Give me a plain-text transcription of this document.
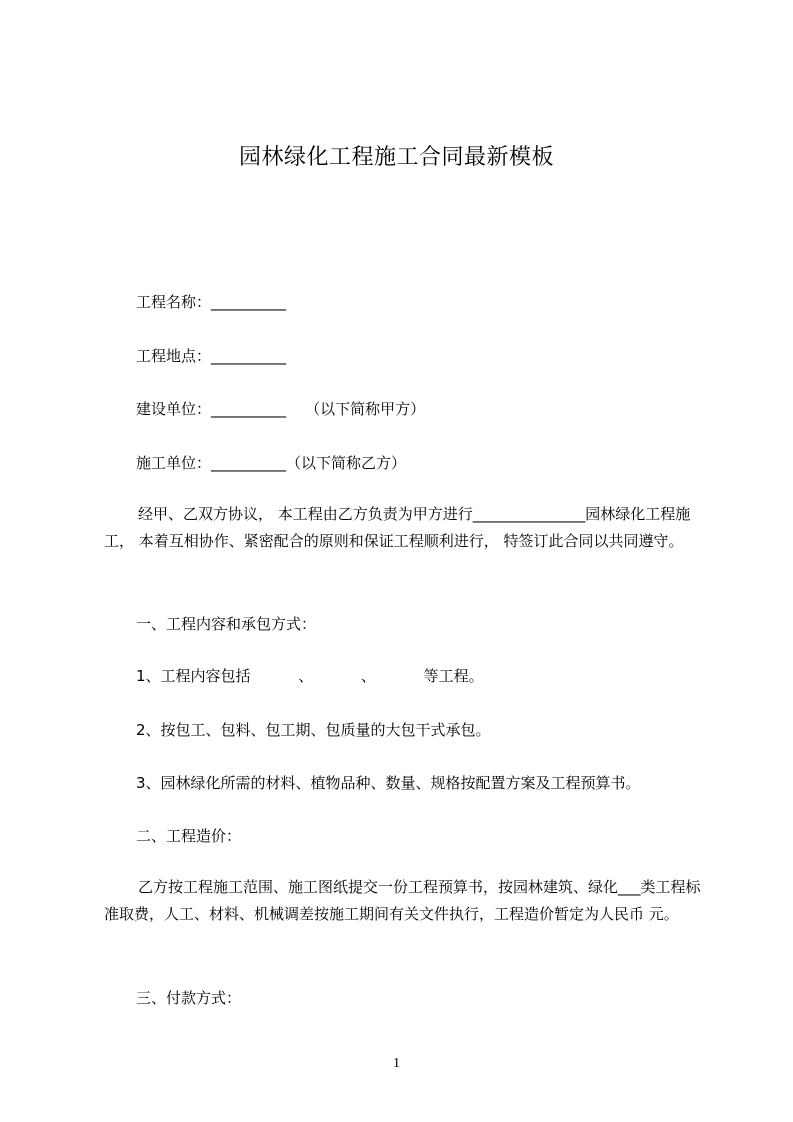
园林绿化工程施工合同最新模板
工程名称：__________
工程地点：__________
建设单位：__________    （以下简称甲方）
施工单位：__________（以下简称乙方）
经甲、乙双方协议， 本工程由乙方负责为甲方进行_______________园林绿化工程施工， 本着互相协作、紧密配合的原则和保证工程顺利进行， 特签订此合同以共同遵守。
一、工程内容和承包方式：
1、工程内容包括          、          、          等工程。
2、按包工、包料、包工期、包质量的大包干式承包。
3、园林绿化所需的材料、植物品种、数量、规格按配置方案及工程预算书。
二、工程造价：
乙方按工程施工范围、施工图纸提交一份工程预算书，按园林建筑、绿化___类工程标准取费，人工、材料、机械调差按施工期间有关文件执行，工程造价暂定为人民币 元。
三、付款方式：
1
